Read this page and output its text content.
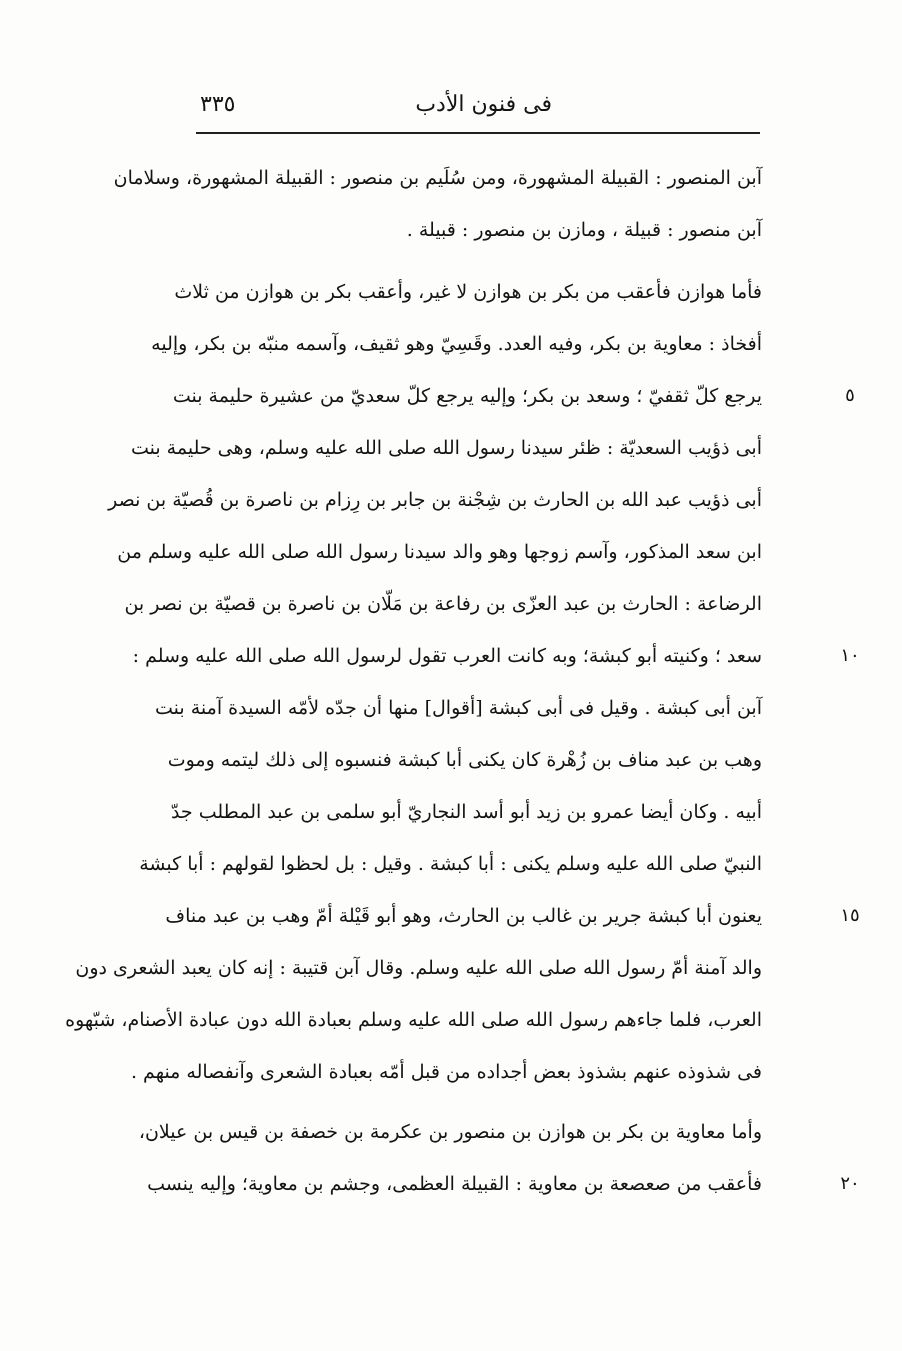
فى فنون الأدب
٣٣٥
آبن المنصور : القبيلة المشهورة، ومن سُلَيم بن منصور : القبيلة المشهورة، وسلامان
آبن منصور : قبيلة ، ومازن بن منصور : قبيلة .
فأما هوازن فأعقب من بكر بن هوازن لا غير، وأعقب بكر بن هوازن من ثلاث
أفخاذ : معاوية بن بكر، وفيه العدد. وقَسِيّ وهو ثقيف، وآسمه منبّه بن بكر، وإليه
يرجع كلّ ثقفيّ ؛ وسعد بن بكر؛ وإليه يرجع كلّ سعديّ من عشيرة حليمة بنت
أبى ذؤيب السعديّة : ظئر سيدنا رسول الله صلى الله عليه وسلم، وهى حليمة بنت
أبى ذؤيب عبد الله بن الحارث بن شِجْنة بن جابر بن رِزام بن ناصرة بن قُصيّة بن نصر
ابن سعد المذكور، وآسم زوجها وهو والد سيدنا رسول الله صلى الله عليه وسلم من
الرضاعة : الحارث بن عبد العزّى بن رفاعة بن مَلّان بن ناصرة بن قصيّة بن نصر بن
سعد ؛ وكنيته أبو كبشة؛ وبه كانت العرب تقول لرسول الله صلى الله عليه وسلم :
آبن أبى كبشة . وقيل فى أبى كبشة [أقوال] منها أن جدّه لأمّه السيدة آمنة بنت
وهب بن عبد مناف بن زُهْرة كان يكنى أبا كبشة فنسبوه إلى ذلك ليتمه وموت
أبيه . وكان أيضا عمرو بن زيد أبو أسد النجاريّ أبو سلمى بن عبد المطلب جدّ
النبيّ صلى الله عليه وسلم يكنى : أبا كبشة . وقيل : بل لحظوا لقولهم : أبا كبشة
يعنون أبا كبشة جرير بن غالب بن الحارث، وهو أبو قَيْلة أمّ وهب بن عبد مناف
والد آمنة أمّ رسول الله صلى الله عليه وسلم. وقال آبن قتيبة : إنه كان يعبد الشعرى دون
العرب، فلما جاءهم رسول الله صلى الله عليه وسلم بعبادة الله دون عبادة الأصنام، شبّهوه
فى شذوذه عنهم بشذوذ بعض أجداده من قبل أمّه بعبادة الشعرى وآنفصاله منهم .
وأما معاوية بن بكر بن هوازن بن منصور بن عكرمة بن خصفة بن قيس بن عيلان،
فأعقب من صعصعة بن معاوية : القبيلة العظمى، وجشم بن معاوية؛ وإليه ينسب
٥
١٠
١٥
٢٠
